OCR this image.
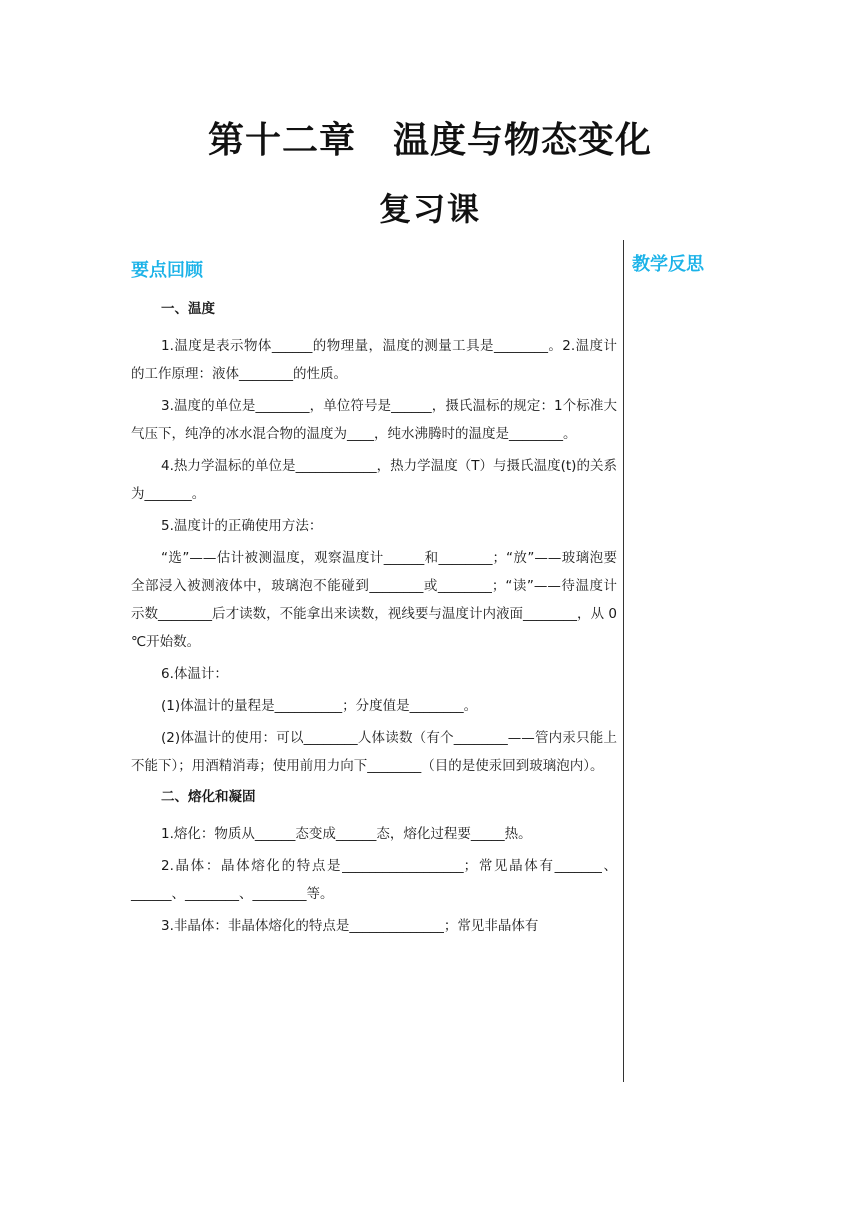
第十二章　温度与物态变化
复习课
教学反思
要点回顾
一、温度
1.温度是表示物体______的物理量，温度的测量工具是________。2.温度计的工作原理：液体________的性质。
3.温度的单位是________，单位符号是______，摄氏温标的规定：1个标准大气压下，纯净的冰水混合物的温度为____，纯水沸腾时的温度是________。
4.热力学温标的单位是____________，热力学温度（T）与摄氏温度(t)的关系为_______。
5.温度计的正确使用方法：
“选”——估计被测温度，观察温度计______和________；“放”——玻璃泡要全部浸入被测液体中，玻璃泡不能碰到________或________；“读”——待温度计示数________后才读数，不能拿出来读数，视线要与温度计内液面________，从 0 ℃开始数。
6.体温计：
(1)体温计的量程是__________；分度值是________。
(2)体温计的使用：可以________人体读数（有个________——管内汞只能上不能下）；用酒精消毒；使用前用力向下________（目的是使汞回到玻璃泡内）。
二、熔化和凝固
1.熔化：物质从______态变成______态，熔化过程要_____热。
2.晶体：晶体熔化的特点是__________________；常见晶体有_______、______、________、________等。
3.非晶体：非晶体熔化的特点是______________；常见非晶体有
